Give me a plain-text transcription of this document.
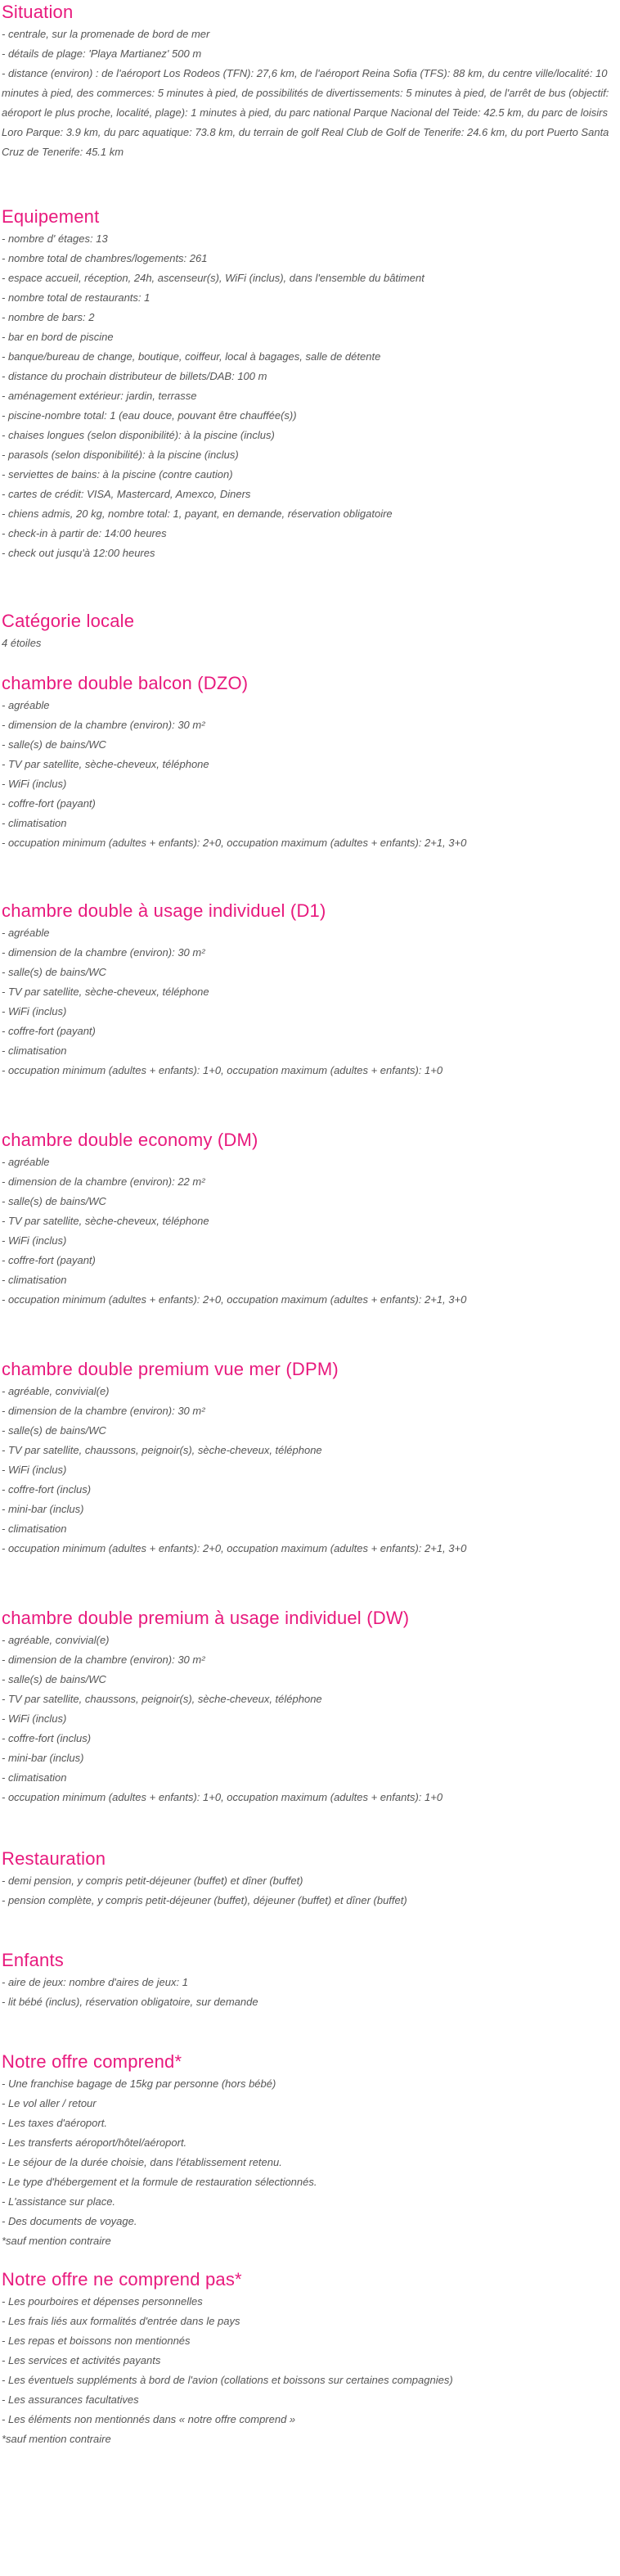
Situation
- centrale, sur la promenade de bord de mer
- détails de plage: 'Playa Martianez' 500 m

- distance (environ) : de l'aéroport Los Rodeos (TFN): 27,6 km, de l'aéroport Reina Sofia (TFS): 88 km, du centre ville/localité: 10 minutes à pied, des commerces: 5 minutes à pied, de possibilités de divertissements: 5 minutes à pied, de l'arrêt de bus (objectif: aéroport le plus proche, localité, plage): 1 minutes à pied, du parc national Parque Nacional del Teide: 42.5 km, du parc de loisirs Loro Parque: 3.9 km, du parc aquatique: 73.8 km, du terrain de golf Real Club de Golf de Tenerife: 24.6 km, du port Puerto Santa Cruz de Tenerife: 45.1 km

Equipement
- nombre d' étages: 13
- nombre total de chambres/logements: 261
- espace accueil, réception, 24h, ascenseur(s), WiFi (inclus), dans l'ensemble du bâtiment
- nombre total de restaurants: 1
- nombre de bars: 2
- bar en bord de piscine
- banque/bureau de change, boutique, coiffeur, local à bagages, salle de détente
- distance du prochain distributeur de billets/DAB: 100 m
- aménagement extérieur: jardin, terrasse
- piscine-nombre total: 1 (eau douce, pouvant être chauffée(s))
- chaises longues (selon disponibilité): à la piscine (inclus)
- parasols (selon disponibilité): à la piscine (inclus)
- serviettes de bains: à la piscine (contre caution)
- cartes de crédit: VISA, Mastercard, Amexco, Diners
- chiens admis, 20 kg, nombre total: 1, payant, en demande, réservation obligatoire
- check-in à partir de: 14:00 heures
- check out jusqu'à 12:00 heures
Catégorie locale
4 étoiles
chambre double balcon (DZO)
- agréable
- dimension de la chambre (environ): 30 m²
- salle(s) de bains/WC
- TV par satellite, sèche-cheveux, téléphone
- WiFi (inclus)
- coffre-fort (payant)
- climatisation
- occupation minimum (adultes + enfants): 2+0, occupation maximum (adultes + enfants): 2+1, 3+0
chambre double à usage individuel (D1)
- agréable
- dimension de la chambre (environ): 30 m²
- salle(s) de bains/WC
- TV par satellite, sèche-cheveux, téléphone
- WiFi (inclus)
- coffre-fort (payant)
- climatisation
- occupation minimum (adultes + enfants): 1+0, occupation maximum (adultes + enfants): 1+0
chambre double economy (DM)
- agréable
- dimension de la chambre (environ): 22 m²
- salle(s) de bains/WC
- TV par satellite, sèche-cheveux, téléphone
- WiFi (inclus)
- coffre-fort (payant)
- climatisation
- occupation minimum (adultes + enfants): 2+0, occupation maximum (adultes + enfants): 2+1, 3+0
chambre double premium vue mer (DPM)
- agréable, convivial(e)
- dimension de la chambre (environ): 30 m²
- salle(s) de bains/WC
- TV par satellite, chaussons, peignoir(s), sèche-cheveux, téléphone
- WiFi (inclus)
- coffre-fort (inclus)
- mini-bar (inclus)
- climatisation
- occupation minimum (adultes + enfants): 2+0, occupation maximum (adultes + enfants): 2+1, 3+0
chambre double premium à usage individuel (DW)
- agréable, convivial(e)
- dimension de la chambre (environ): 30 m²
- salle(s) de bains/WC
- TV par satellite, chaussons, peignoir(s), sèche-cheveux, téléphone
- WiFi (inclus)
- coffre-fort (inclus)
- mini-bar (inclus)
- climatisation
- occupation minimum (adultes + enfants): 1+0, occupation maximum (adultes + enfants): 1+0
Restauration
- demi pension, y compris petit-déjeuner (buffet) et dîner (buffet)
- pension complète, y compris petit-déjeuner (buffet), déjeuner (buffet) et dîner (buffet)
Enfants
- aire de jeux: nombre d'aires de jeux: 1
- lit bébé (inclus), réservation obligatoire, sur demande
Notre offre comprend*
- Une franchise bagage de 15kg par personne (hors bébé)
- Le vol aller / retour
- Les taxes d'aéroport.
- Les transferts aéroport/hôtel/aéroport.
- Le séjour de la durée choisie, dans l'établissement retenu.
- Le type d'hébergement et la formule de restauration sélectionnés.
- L'assistance sur place.
- Des documents de voyage.
*sauf mention contraire
Notre offre ne comprend pas*
- Les pourboires et dépenses personnelles
- Les frais liés aux formalités d'entrée dans le pays
- Les repas et boissons non mentionnés
- Les services et activités payants
- Les éventuels suppléments à bord de l'avion (collations et boissons sur certaines compagnies)
- Les assurances facultatives
- Les éléments non mentionnés dans « notre offre comprend »
*sauf mention contraire
